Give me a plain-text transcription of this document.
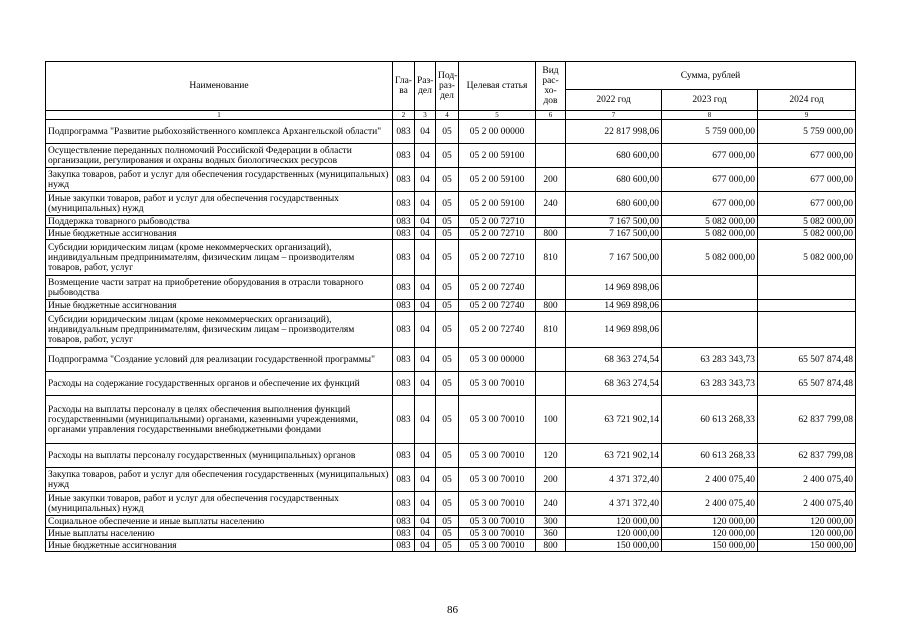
Наименование	Гла-ва	Раз-дел	Под-раз-дел	Целевая статья	Вид рас-хо-дов	Сумма, рублей		
						2022 год	2023 год	2024 год
1	2	3	4	5	6	7	8	9
Подпрограмма "Развитие рыбохозяйственного комплекса Архангельской области"	083	04	05	05 2 00 00000		22 817 998,06	5 759 000,00	5 759 000,00
Осуществление переданных полномочий Российской Федерации в области организации, регулирования и охраны водных биологических ресурсов	083	04	05	05 2 00 59100		680 600,00	677 000,00	677 000,00
Закупка товаров, работ и услуг для обеспечения государственных (муниципальных) нужд	083	04	05	05 2 00 59100	200	680 600,00	677 000,00	677 000,00
Иные закупки товаров, работ и услуг для обеспечения государственных (муниципальных) нужд	083	04	05	05 2 00 59100	240	680 600,00	677 000,00	677 000,00
Поддержка товарного рыбоводства	083	04	05	05 2 00 72710		7 167 500,00	5 082 000,00	5 082 000,00
Иные бюджетные ассигнования	083	04	05	05 2 00 72710	800	7 167 500,00	5 082 000,00	5 082 000,00
Субсидии юридическим лицам (кроме некоммерческих организаций), индивидуальным предпринимателям, физическим лицам – производителям товаров, работ, услуг	083	04	05	05 2 00 72710	810	7 167 500,00	5 082 000,00	5 082 000,00
Возмещение части затрат на приобретение оборудования в отрасли товарного рыбоводства	083	04	05	05 2 00 72740		14 969 898,06		
Иные бюджетные ассигнования	083	04	05	05 2 00 72740	800	14 969 898,06		
Субсидии юридическим лицам (кроме некоммерческих организаций), индивидуальным предпринимателям, физическим лицам – производителям товаров, работ, услуг	083	04	05	05 2 00 72740	810	14 969 898,06		
Подпрограмма "Создание условий для реализации государственной программы"	083	04	05	05 3 00 00000		68 363 274,54	63 283 343,73	65 507 874,48
Расходы на содержание государственных органов и обеспечение их функций	083	04	05	05 3 00 70010		68 363 274,54	63 283 343,73	65 507 874,48
Расходы на выплаты персоналу в целях обеспечения выполнения функций государственными (муниципальными) органами, казенными учреждениями, органами управления государственными внебюджетными фондами	083	04	05	05 3 00 70010	100	63 721 902,14	60 613 268,33	62 837 799,08
Расходы на выплаты персоналу государственных (муниципальных) органов	083	04	05	05 3 00 70010	120	63 721 902,14	60 613 268,33	62 837 799,08
Закупка товаров, работ и услуг для обеспечения государственных (муниципальных) нужд	083	04	05	05 3 00 70010	200	4 371 372,40	2 400 075,40	2 400 075,40
Иные закупки товаров, работ и услуг для обеспечения государственных (муниципальных) нужд	083	04	05	05 3 00 70010	240	4 371 372,40	2 400 075,40	2 400 075,40
Социальное обеспечение и иные выплаты населению	083	04	05	05 3 00 70010	300	120 000,00	120 000,00	120 000,00
Иные выплаты населению	083	04	05	05 3 00 70010	360	120 000,00	120 000,00	120 000,00
Иные бюджетные ассигнования	083	04	05	05 3 00 70010	800	150 000,00	150 000,00	150 000,00
86
